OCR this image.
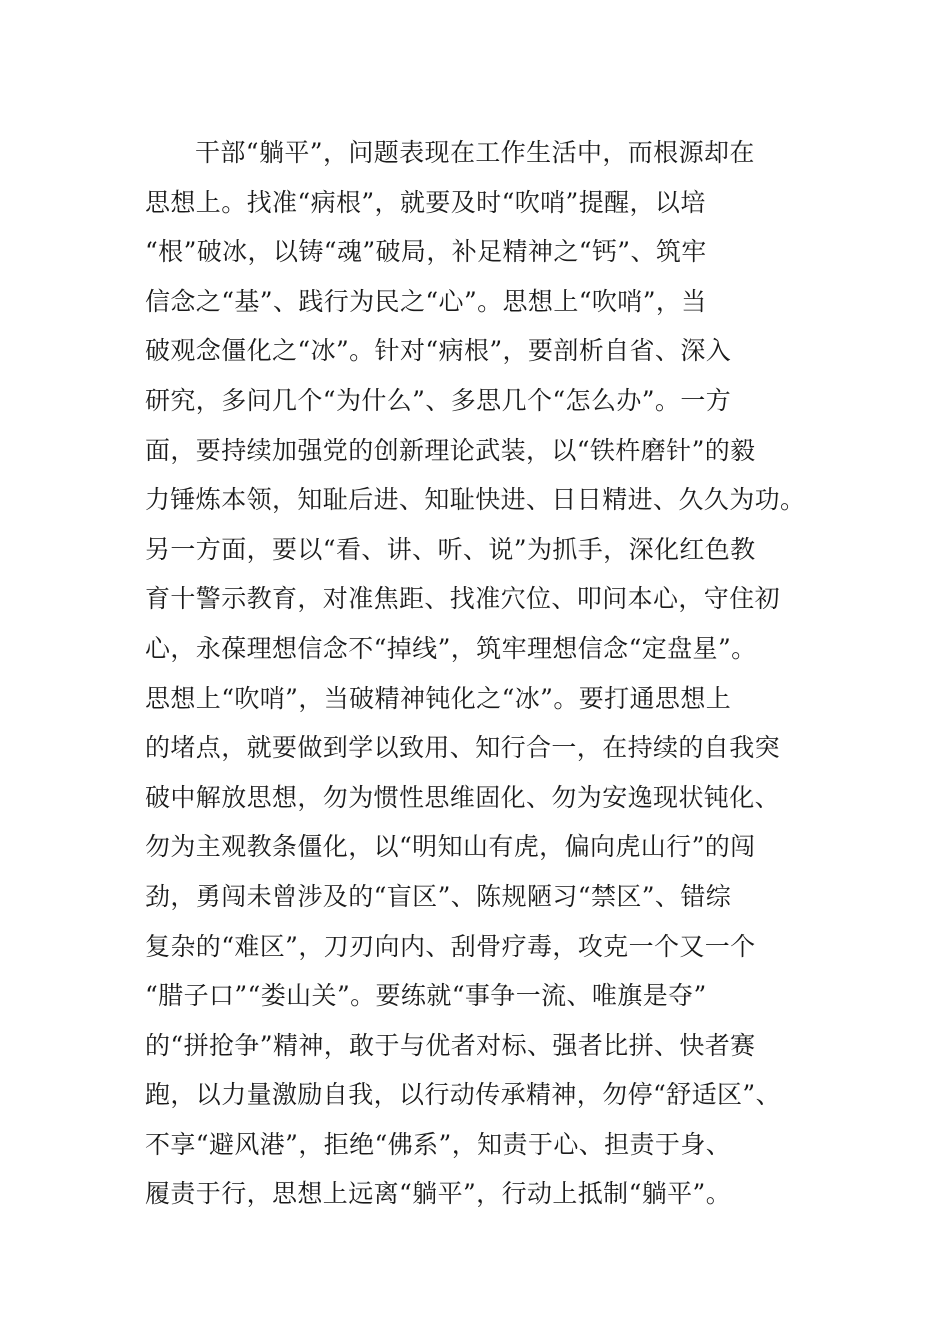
干部“躺平”，问题表现在工作生活中，而根源却在
思想上。找准“病根”，就要及时“吹哨”提醒，以培
“根”破冰，以铸“魂”破局，补足精神之“钙”、筑牢
信念之“基”、践行为民之“心”。思想上“吹哨”，当
破观念僵化之“冰”。针对“病根”，要剖析自省、深入
研究，多问几个“为什么”、多思几个“怎么办”。一方
面，要持续加强党的创新理论武装，以“铁杵磨针”的毅
力锤炼本领，知耻后进、知耻快进、日日精进、久久为功。
另一方面，要以“看、讲、听、说”为抓手，深化红色教
育十警示教育，对准焦距、找准穴位、叩问本心，守住初
心，永葆理想信念不“掉线”，筑牢理想信念“定盘星”。
思想上“吹哨”，当破精神钝化之“冰”。要打通思想上
的堵点，就要做到学以致用、知行合一，在持续的自我突
破中解放思想，勿为惯性思维固化、勿为安逸现状钝化、
勿为主观教条僵化，以“明知山有虎，偏向虎山行”的闯
劲，勇闯未曾涉及的“盲区”、陈规陋习“禁区”、错综
复杂的“难区”，刀刃向内、刮骨疗毒，攻克一个又一个
“腊子口”“娄山关”。要练就“事争一流、唯旗是夺”
的“拼抢争”精神，敢于与优者对标、强者比拼、快者赛
跑，以力量激励自我，以行动传承精神，勿停“舒适区”、
不享“避风港”，拒绝“佛系”，知责于心、担责于身、
履责于行，思想上远离“躺平”，行动上抵制“躺平”。
